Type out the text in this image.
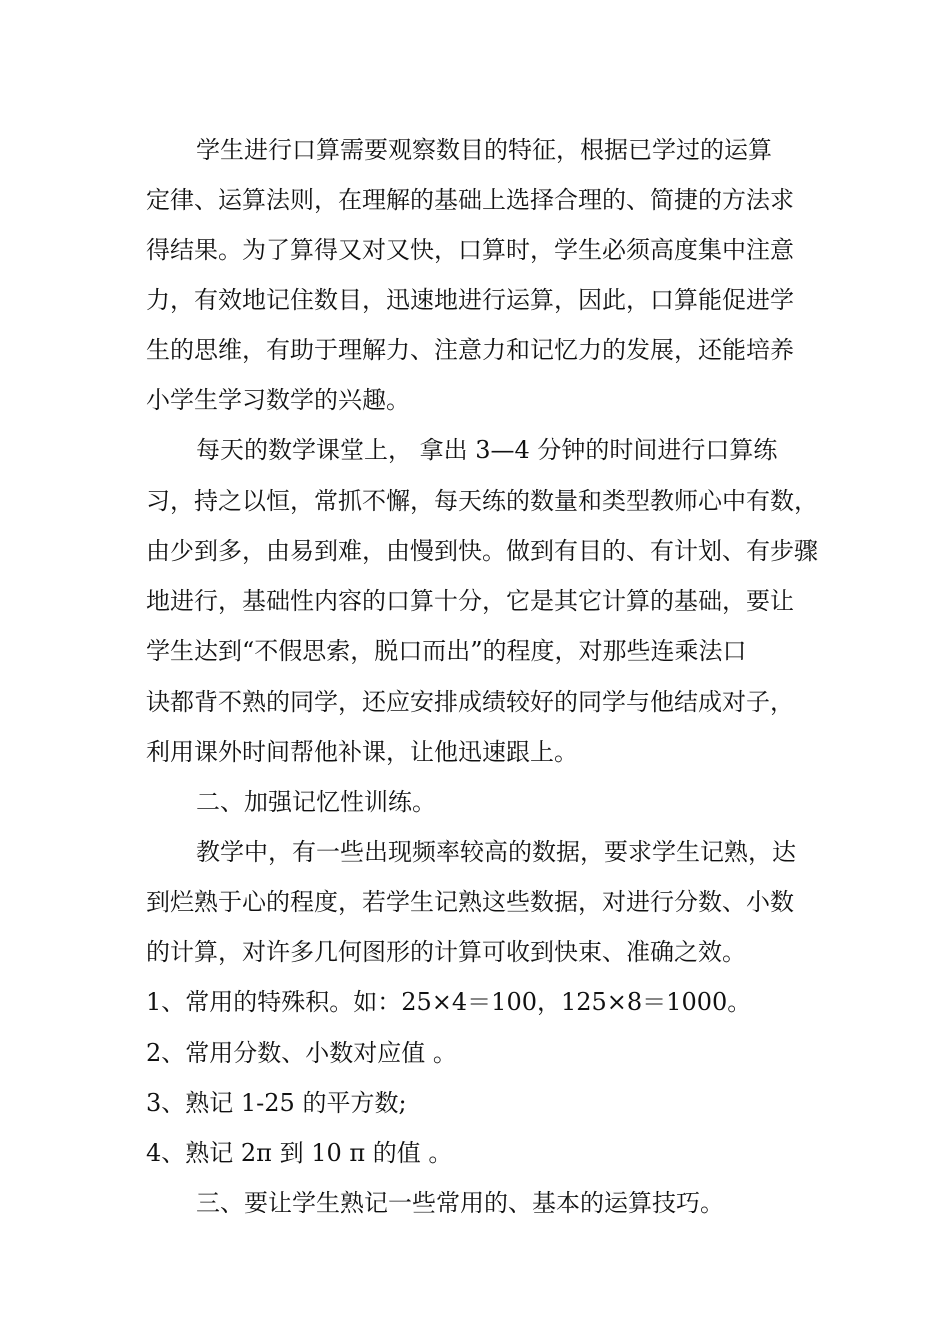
学生进行口算需要观察数目的特征，根据已学过的运算
定律、运算法则，在理解的基础上选择合理的、简捷的方法求
得结果。为了算得又对又快，口算时，学生必须高度集中注意
力，有效地记住数目，迅速地进行运算，因此，口算能促进学
生的思维，有助于理解力、注意力和记忆力的发展，还能培养
小学生学习数学的兴趣。
每天的数学课堂上， 拿出 3—4 分钟的时间进行口算练
习，持之以恒，常抓不懈，每天练的数量和类型教师心中有数，
由少到多，由易到难，由慢到快。做到有目的、有计划、有步骤
地进行，基础性内容的口算十分，它是其它计算的基础，要让
学生达到“不假思索，脱口而出”的程度，对那些连乘法口
诀都背不熟的同学，还应安排成绩较好的同学与他结成对子，
利用课外时间帮他补课，让他迅速跟上。
二、加强记忆性训练。
教学中，有一些出现频率较高的数据，要求学生记熟，达
到烂熟于心的程度，若学生记熟这些数据，对进行分数、小数
的计算，对许多几何图形的计算可收到快束、准确之效。
1、常用的特殊积。如：25×4＝100，125×8＝1000。
2、常用分数、小数对应值 。
3、熟记 1-25 的平方数;
4、熟记 2π 到 10 π 的值 。
三、要让学生熟记一些常用的、基本的运算技巧。
